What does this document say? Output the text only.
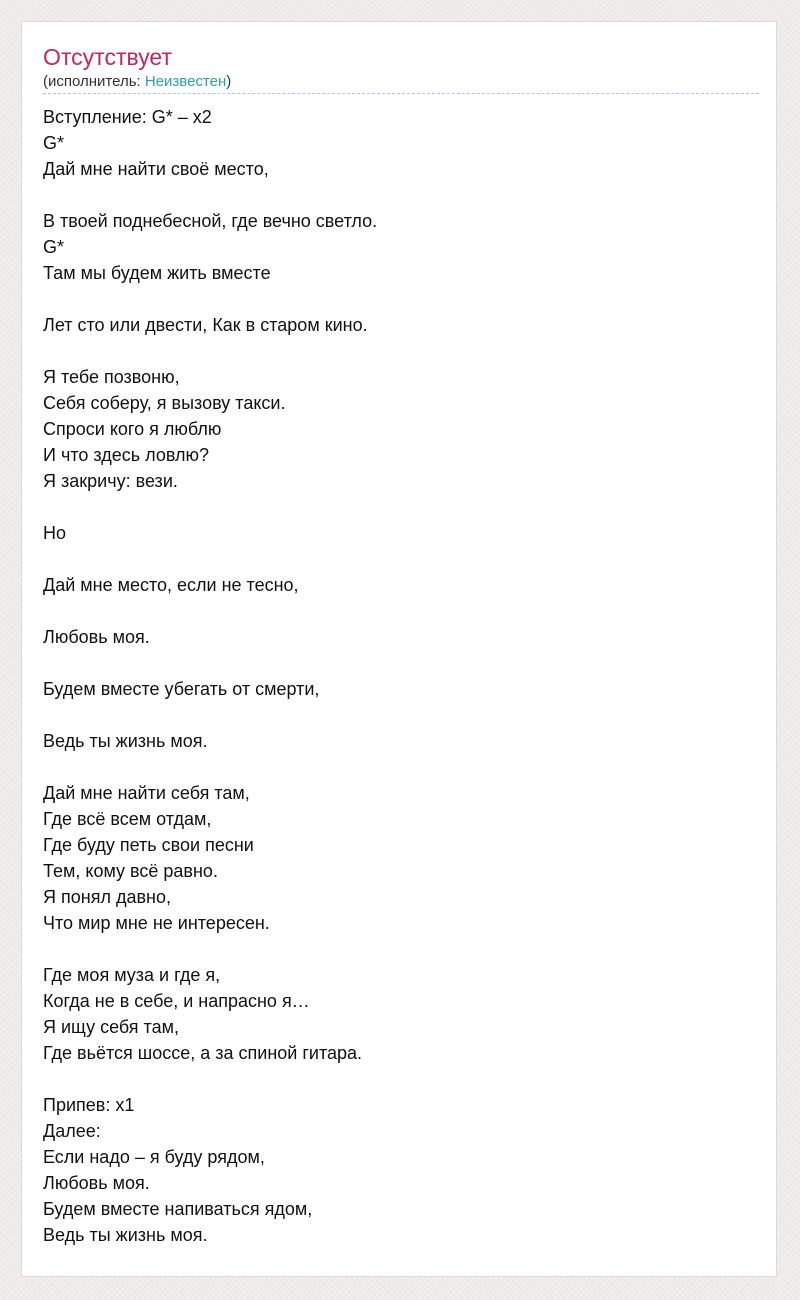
Отсутствует
(исполнитель: Неизвестен)
Вступление: G* – x2
G*
Дай мне найти своё место,
В твоей поднебесной, где вечно светло.
G*
Там мы будем жить вместе
Лет сто или двести, Как в старом кино.
Я тебе позвоню,
Себя соберу, я вызову такси.
Спроси кого я люблю
И что здесь ловлю?
Я закричу: вези.
Но
Дай мне место, если не тесно,
Любовь моя.
Будем вместе убегать от смерти,
Ведь ты жизнь моя.
Дай мне найти себя там,
Где всё всем отдам,
Где буду петь свои песни
Тем, кому всё равно.
Я понял давно,
Что мир мне не интересен.
Где моя муза и где я,
Когда не в себе, и напрасно я…
Я ищу себя там,
Где вьётся шоссе, а за спиной гитара.
Припев: x1
Далее:
Если надо – я буду рядом,
Любовь моя.
Будем вместе напиваться ядом,
Ведь ты жизнь моя.
